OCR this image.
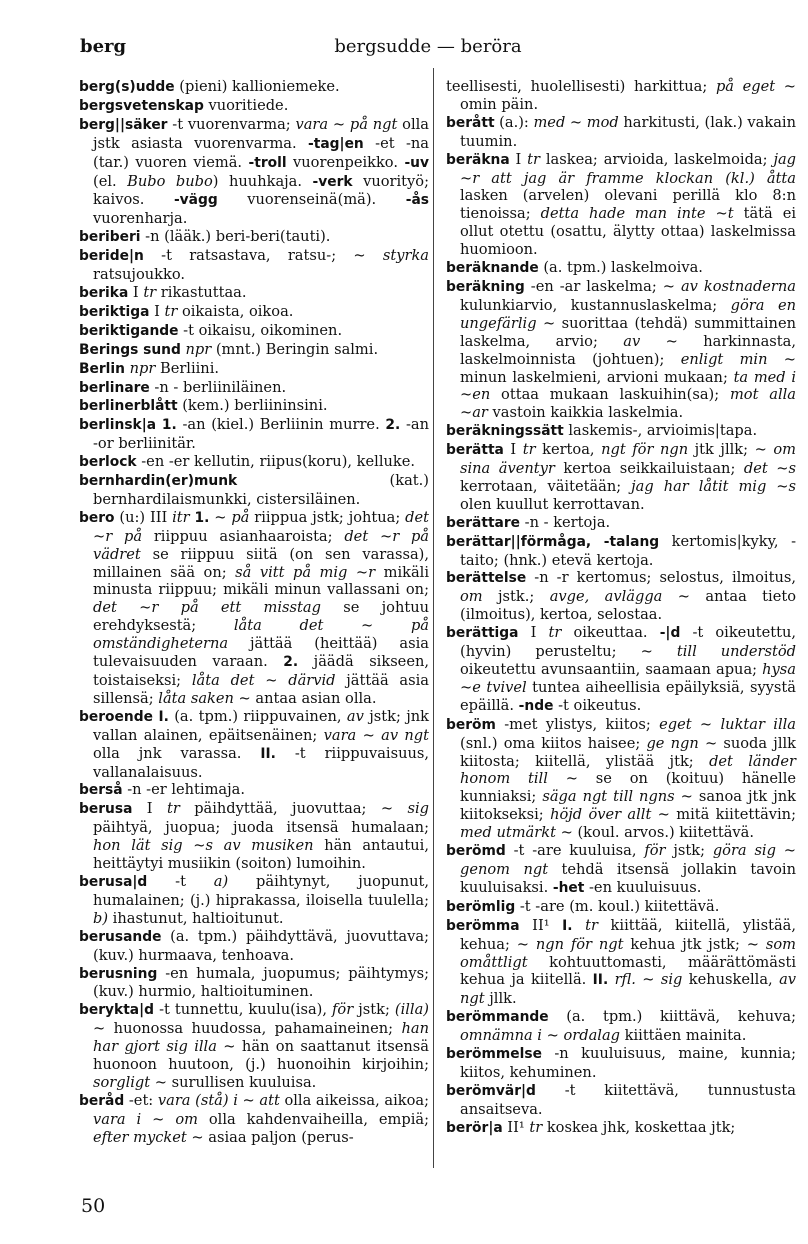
berg	bergsudde — beröra

berg(s)udde (pieni) kallioniemeke.

bergsvetenskap vuoritiede.

berg||säker -t vuorenvarma; vara ~ på ngt olla jstk asiasta vuorenvarma. -tag|en -et -na (tar.) vuoren viemä. -troll vuorenpeikko. -uv (el. Bubo bubo) huuhkaja. -verk vuorityö; kaivos. -vägg vuorenseinä(mä). -ås vuorenharja.

beriberi -n (lääk.) beri-beri(tauti).

beride|n -t ratsastava, ratsu-; ~ styrka ratsujoukko.

berika I tr rikastuttaa.

beriktiga I tr oikaista, oikoa.

beriktigande -t oikaisu, oikominen.

Berings sund npr (mnt.) Beringin salmi.

Berlin npr Berliini.

berlinare -n - berliiniläinen.

berlinerblått (kem.) berliininsini.

berlinsk|a 1. -an (kiel.) Berliinin murre. 2. -an -or berliinitär.

berlock -en -er kellutin, riipus(koru), kelluke.

bernhardin(er)munk (kat.) bernhardilaismunkki, cistersiläinen.

bero (u:) III itr 1. ~ på riippua jstk; johtua; det ~r på riippuu asianhaaroista; det ~r på vädret se riippuu siitä (on sen varassa), millainen sää on; så vitt på mig ~r mikäli minusta riippuu; mikäli minun vallassani on; det ~r på ett misstag se johtuu erehdyksestä; låta det ~ på omständigheterna jättää (heittää) asia tulevaisuuden varaan. 2. jäädä sikseen, toistaiseksi; låta det ~ därvid jättää asia sillensä; låta saken ~ antaa asian olla.

beroende I. (a. tpm.) riippuvainen, av jstk; jnk vallan alainen, epäitsenäinen; vara ~ av ngt olla jnk varassa. II. -t riippuvaisuus, vallanalaisuus.

berså -n -er lehtimaja.

berusa I tr päihdyttää, juovuttaa; ~ sig päihtyä, juopua; juoda itsensä humalaan; hon lät sig ~s av musiken hän antautui, heittäytyi musiikin (soiton) lumoihin.

berusa|d -t a) päihtynyt, juopunut, humalainen; (j.) hiprakassa, iloisella tuulella; b) ihastunut, haltioitunut.

berusande (a. tpm.) päihdyttävä, juovuttava; (kuv.) hurmaava, tenhoava.

berusning -en humala, juopumus; päihtymys; (kuv.) hurmio, haltioituminen.

berykta|d -t tunnettu, kuulu(isa), för jstk; (illa) ~ huonossa huudossa, pahamaineinen; han har gjort sig illa ~ hän on saattanut itsensä huonoon huutoon, (j.) huonoihin kirjoihin; sorgligt ~ surullisen kuuluisa.

beråd -et: vara (stå) i ~ att olla aikeissa, aikoa; vara i ~ om olla kahdenvaiheilla, empiä; efter mycket ~ asiaa paljon (perus-

teellisesti, huolellisesti) harkittua; på eget ~ omin päin.

berått (a.): med ~ mod harkitusti, (lak.) vakain tuumin.

beräkna I tr laskea; arvioida, laskelmoida; jag ~r att jag är framme klockan (kl.) åtta lasken (arvelen) olevani perillä klo 8:n tienoissa; detta hade man inte ~t tätä ei ollut otettu (osattu, älytty ottaa) laskelmissa huomioon.

beräknande (a. tpm.) laskelmoiva.

beräkning -en -ar laskelma; ~ av kostnaderna kulunkiarvio, kustannuslaskelma; göra en ungefärlig ~ suorittaa (tehdä) summittainen laskelma, arvio; av ~ harkinnasta, laskelmoinnista (johtuen); enligt min ~ minun laskelmieni, arvioni mukaan; ta med i ~en ottaa mukaan laskuihin(sa); mot alla ~ar vastoin kaikkia laskelmia.

beräkningssätt laskemis-, arvioimis|tapa.

berätta I tr kertoa, ngt för ngn jtk jllk; ~ om sina äventyr kertoa seikkailuistaan; det ~s kerrotaan, väitetään; jag har låtit mig ~s olen kuullut kerrottavan.

berättare -n - kertoja.

berättar||förmåga, -talang kertomis|kyky, -taito; (hnk.) etevä kertoja.

berättelse -n -r kertomus; selostus, ilmoitus, om jstk.; avge, avlägga ~ antaa tieto (ilmoitus), kertoa, selostaa.

berättiga I tr oikeuttaa. -|d -t oikeutettu, (hyvin) perusteltu; ~ till understöd oikeutettu avunsaantiin, saamaan apua; hysa ~e tvivel tuntea aiheellisia epäilyksiä, syystä epäillä. -nde -t oikeutus.

beröm -met ylistys, kiitos; eget ~ luktar illa (snl.) oma kiitos haisee; ge ngn ~ suoda jllk kiitosta; kiitellä, ylistää jtk; det länder honom till ~ se on (koituu) hänelle kunniaksi; säga ngt till ngns ~ sanoa jtk jnk kiitokseksi; höjd över allt ~ mitä kiitettävin; med utmärkt ~ (koul. arvos.) kiitettävä.

berömd -t -are kuuluisa, för jstk; göra sig ~ genom ngt tehdä itsensä jollakin tavoin kuuluisaksi. -het -en kuuluisuus.

berömlig -t -are (m. koul.) kiitettävä.

berömma II¹ I. tr kiittää, kiitellä, ylistää, kehua; ~ ngn för ngt kehua jtk jstk; ~ som omåttligt kohtuuttomasti, määrättömästi kehua ja kiitellä. II. rfl. ~ sig kehuskella, av ngt jllk.

berömmande (a. tpm.) kiittävä, kehuva; omnämna i ~ ordalag kiittäen mainita.

berömmelse -n kuuluisuus, maine, kunnia; kiitos, kehuminen.

berömvär|d -t kiitettävä, tunnustusta ansaitseva.

berör|a II¹ tr koskea jhk, koskettaa jtk;

50
